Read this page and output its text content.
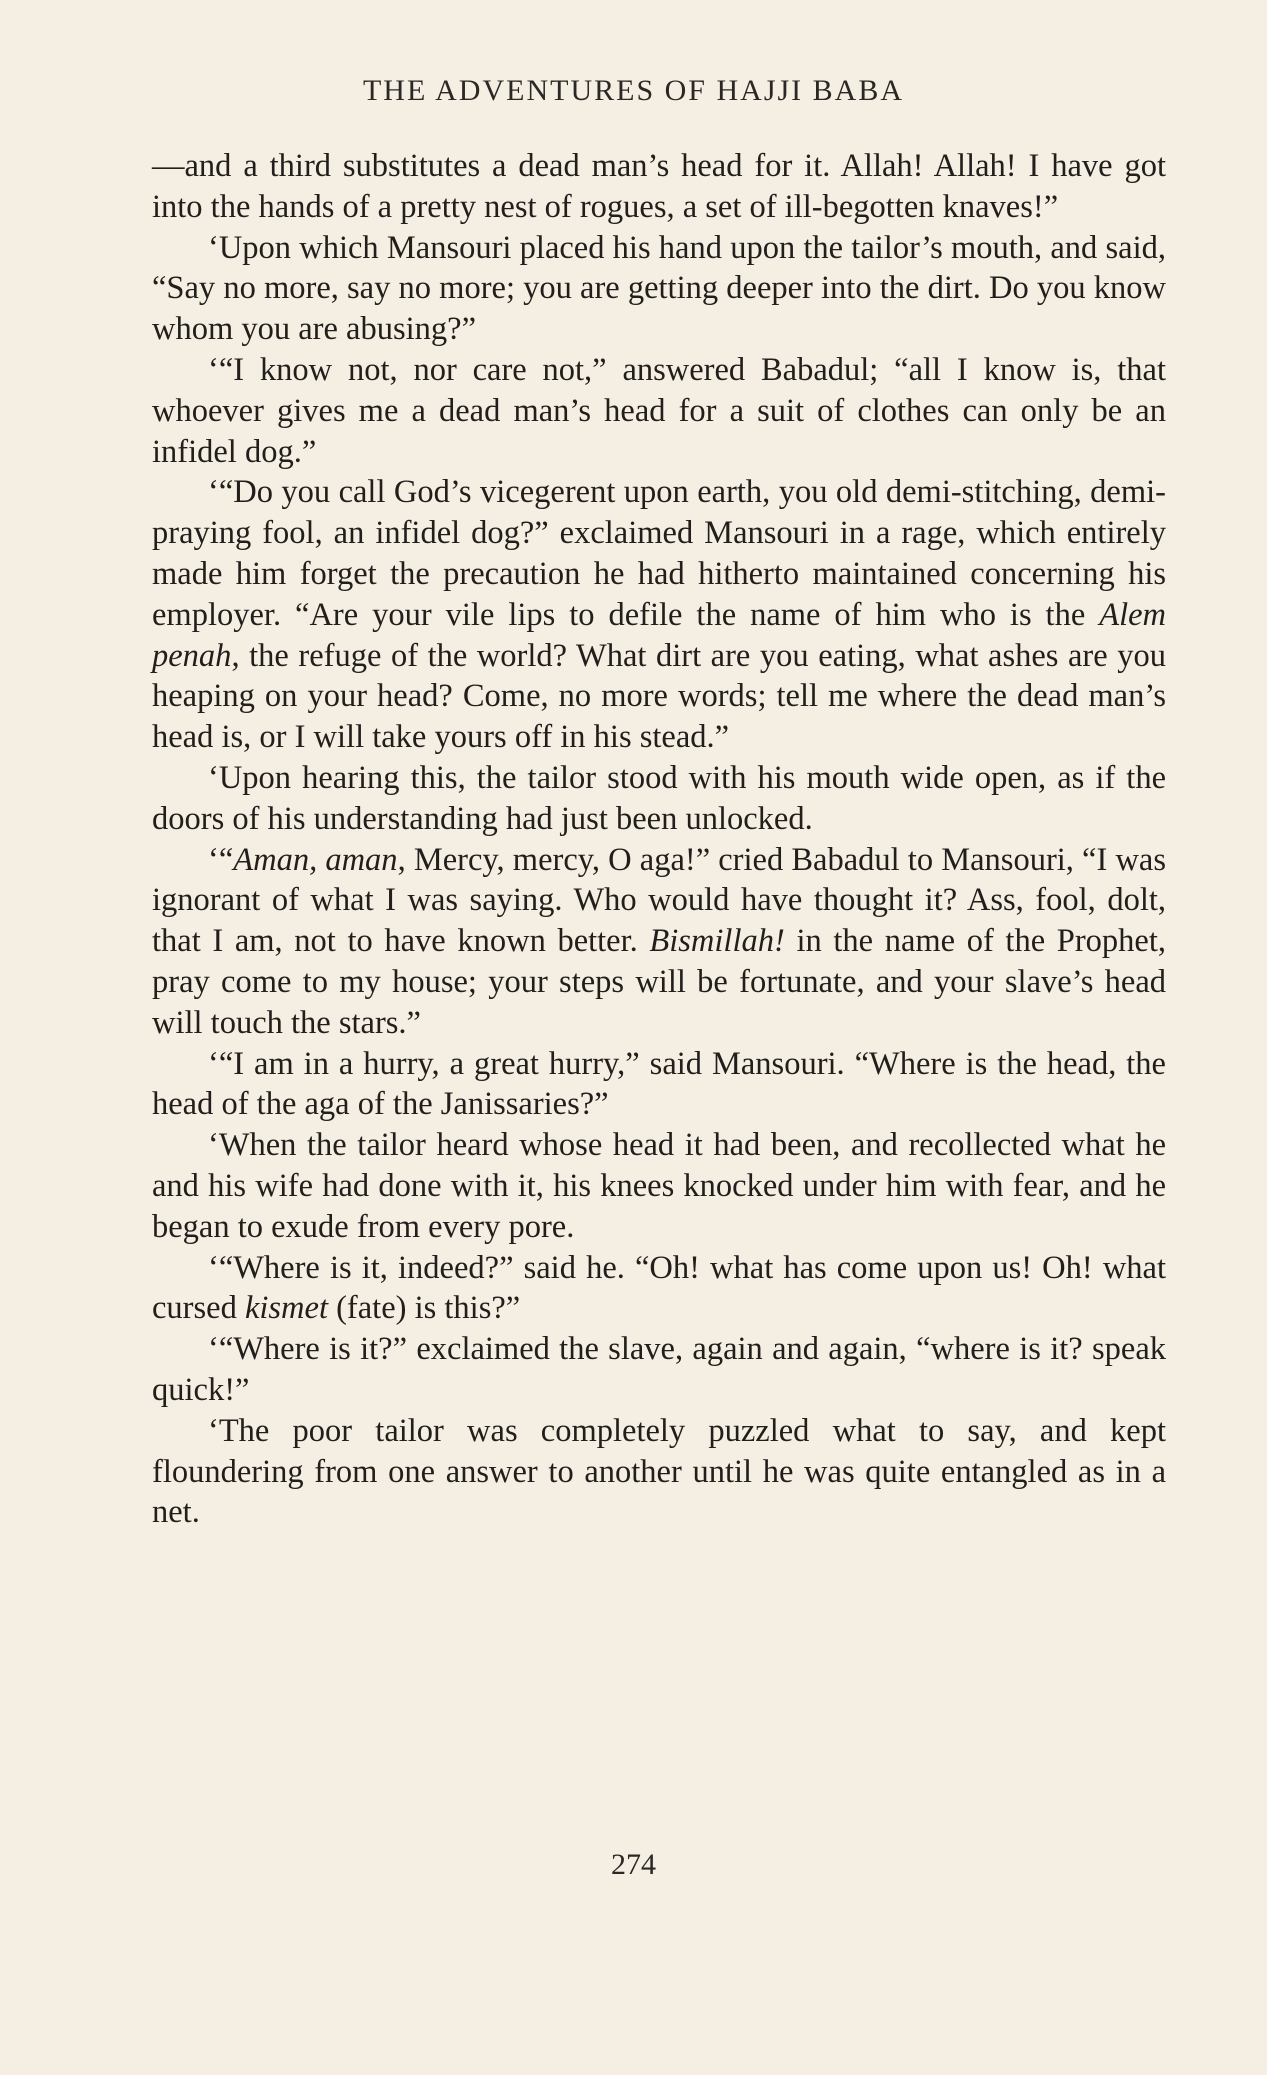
THE ADVENTURES OF HAJJI BABA

—and a third substitutes a dead man’s head for it. Allah! Allah! I have got into the hands of a pretty nest of rogues, a set of ill-begotten knaves!”

‘Upon which Mansouri placed his hand upon the tailor’s mouth, and said, “Say no more, say no more; you are getting deeper into the dirt. Do you know whom you are abusing?”

‘“I know not, nor care not,” answered Babadul; “all I know is, that whoever gives me a dead man’s head for a suit of clothes can only be an infidel dog.”

‘“Do you call God’s vicegerent upon earth, you old demi-stitching, demi-praying fool, an infidel dog?” exclaimed Mansouri in a rage, which entirely made him forget the precaution he had hitherto maintained concerning his employer. “Are your vile lips to defile the name of him who is the Alem penah, the refuge of the world? What dirt are you eating, what ashes are you heaping on your head? Come, no more words; tell me where the dead man’s head is, or I will take yours off in his stead.”

‘Upon hearing this, the tailor stood with his mouth wide open, as if the doors of his understanding had just been unlocked.

‘“Aman, aman, Mercy, mercy, O aga!” cried Babadul to Mansouri, “I was ignorant of what I was saying. Who would have thought it? Ass, fool, dolt, that I am, not to have known better. Bismillah! in the name of the Prophet, pray come to my house; your steps will be fortunate, and your slave’s head will touch the stars.”

‘“I am in a hurry, a great hurry,” said Mansouri. “Where is the head, the head of the aga of the Janissaries?”

‘When the tailor heard whose head it had been, and recollected what he and his wife had done with it, his knees knocked under him with fear, and he began to exude from every pore.

‘“Where is it, indeed?” said he. “Oh! what has come upon us! Oh! what cursed kismet (fate) is this?”

‘“Where is it?” exclaimed the slave, again and again, “where is it? speak quick!”

‘The poor tailor was completely puzzled what to say, and kept floundering from one answer to another until he was quite entangled as in a net.

274
